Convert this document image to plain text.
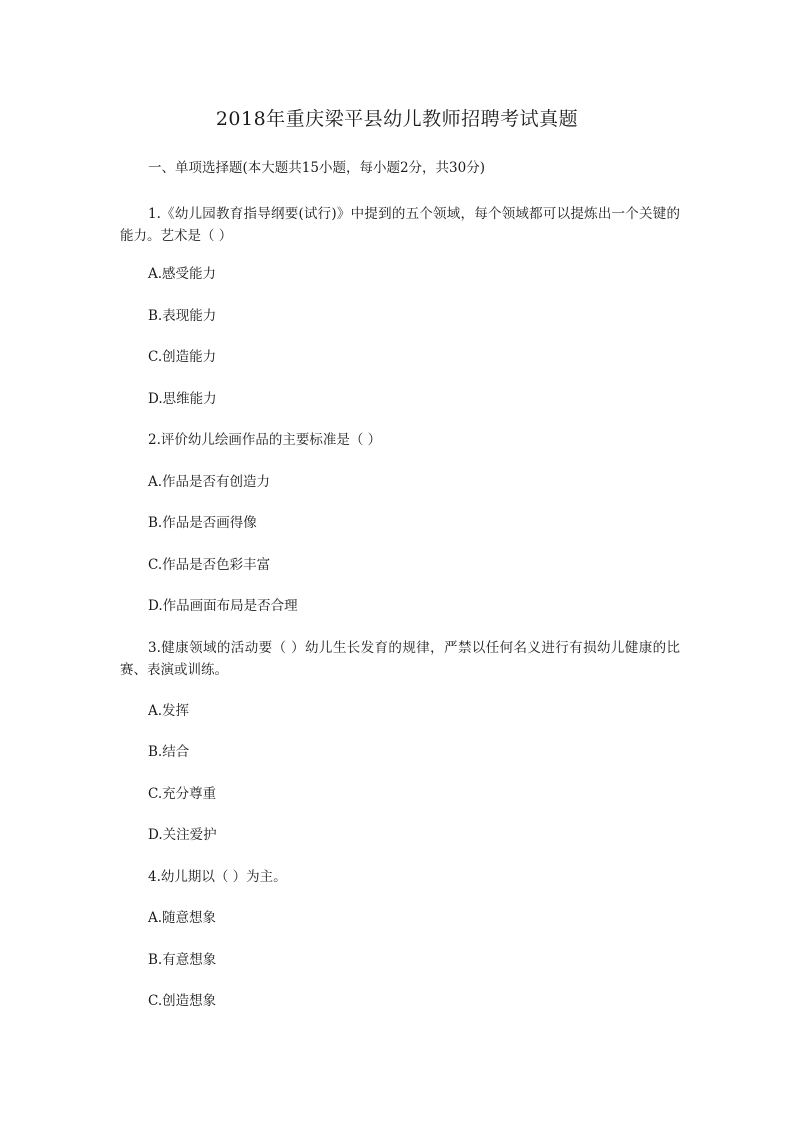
2018年重庆梁平县幼儿教师招聘考试真题
一、单项选择题(本大题共15小题，每小题2分，共30分)
1.《幼儿园教育指导纲要(试行)》中提到的五个领域，每个领域都可以提炼出一个关键的能力。艺术是（ ）
A.感受能力
B.表现能力
C.创造能力
D.思维能力
2.评价幼儿绘画作品的主要标准是（ ）
A.作品是否有创造力
B.作品是否画得像
C.作品是否色彩丰富
D.作品画面布局是否合理
3.健康领域的活动要（ ）幼儿生长发育的规律，严禁以任何名义进行有损幼儿健康的比赛、表演或训练。
A.发挥
B.结合
C.充分尊重
D.关注爱护
4.幼儿期以（ ）为主。
A.随意想象
B.有意想象
C.创造想象
